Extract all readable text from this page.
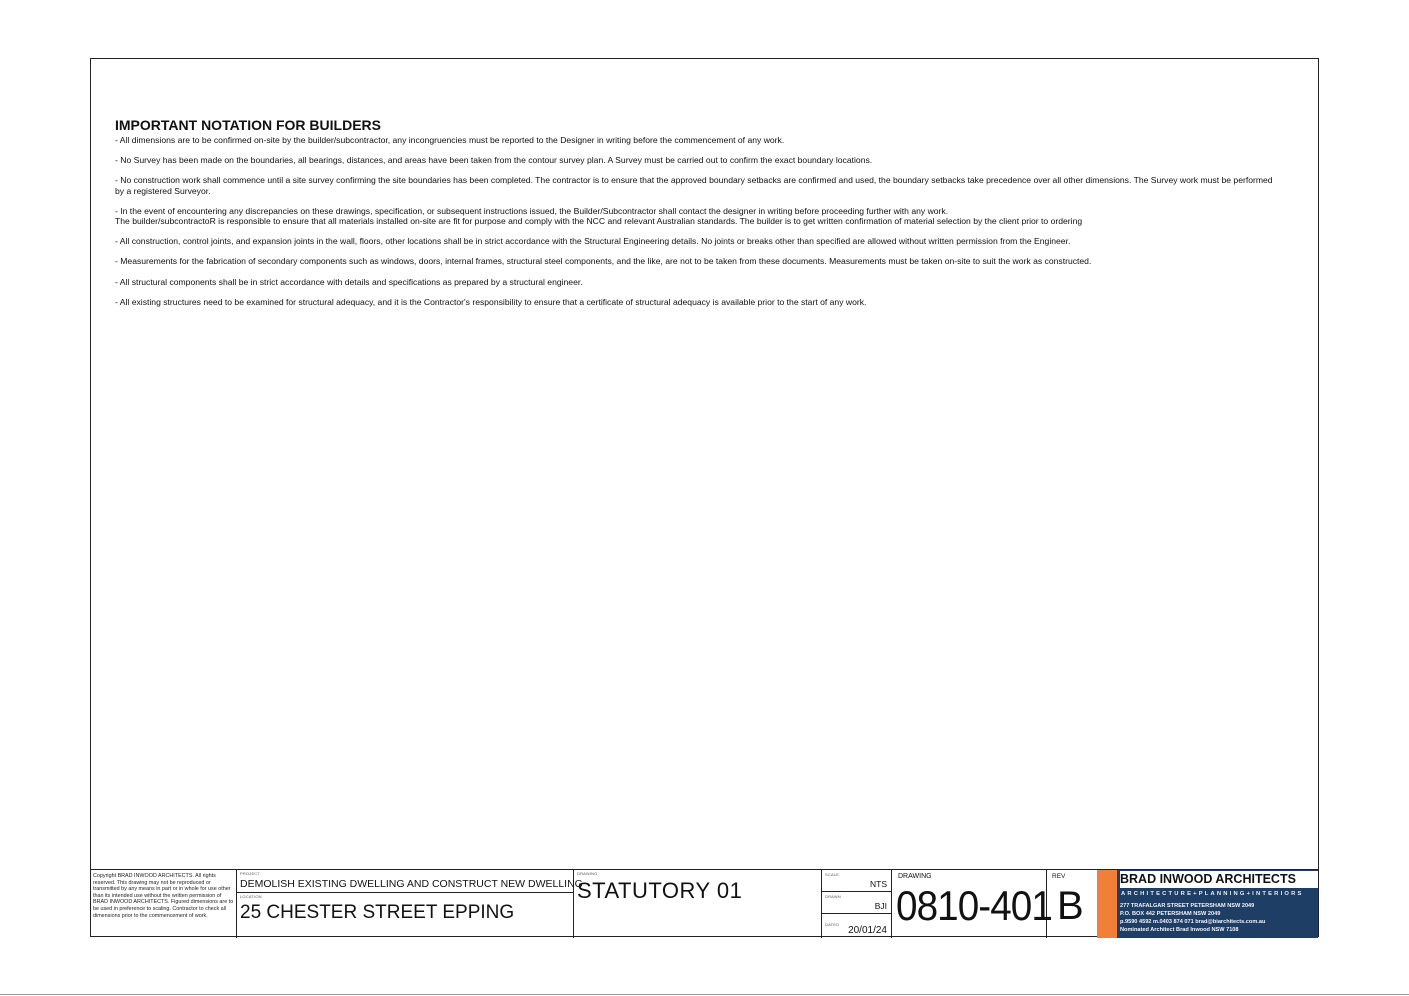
IMPORTANT NOTATION FOR BUILDERS
- All dimensions are to be confirmed on-site by the builder/subcontractor, any incongruencies must be reported to the Designer in writing before the commencement of any work.
- No Survey has been made on the boundaries, all bearings, distances, and areas have been taken from the contour survey plan. A Survey must be carried out to confirm the exact boundary locations.
- No construction work shall commence until a site survey confirming the site boundaries has been completed. The contractor is to ensure that the approved boundary setbacks are confirmed and used, the boundary setbacks take precedence over all other dimensions. The Survey work must be performed by a registered Surveyor.
- In the event of encountering any discrepancies on these drawings, specification, or subsequent instructions issued, the Builder/Subcontractor shall contact the designer in writing before proceeding further with any work.
The builder/subcontractoR is responsible to ensure that all materials installed on-site are fit for purpose and comply with the NCC and relevant Australian standards. The builder is to get written confirmation of material selection by the client prior to ordering
- All construction, control joints, and expansion joints in the wall, floors, other locations shall be in strict accordance with the Structural Engineering details. No joints or breaks other than specified are allowed without written permission from the Engineer.
- Measurements for the fabrication of secondary components such as windows, doors, internal frames, structural steel components, and the like, are not to be taken from these documents. Measurements must be taken on-site to suit the work as constructed.
- All structural components shall be in strict accordance with details and specifications as prepared by a structural engineer.
- All existing structures need to be examined for structural adequacy, and it is the Contractor's responsibility to ensure that a certificate of structural adequacy is available prior to the start of any work.
Copyright BRAD INWOOD ARCHITECTS. All rights reserved. This drawing may not be reproduced or transmitted by any means in part or in whole for use other than its intended use without the written permission of BRAD INWOOD ARCHITECTS. Figured dimensions are to be used in preference to scaling. Contractor to check all dimensions prior to the commencement of work.
PROJECT
DEMOLISH EXISTING DWELLING AND CONSTRUCT NEW DWELLING
LOCATION
25 CHESTER STREET EPPING
DRAWING
STATUTORY 01
SCALE
NTS
DRAWN
BJI
DATED
20/01/24
DRAWING
0810-401
REV
B
BRAD INWOOD ARCHITECTS
ARCHITECTURE+PLANNING+INTERIORS
277 TRAFALGAR STREET PETERSHAM NSW 2049
P.O. BOX 442 PETERSHAM NSW 2049
p.9590 4592 m.0403 874 071 brad@biarchitects.com.au
Nominated Architect Brad Inwood NSW 7108
